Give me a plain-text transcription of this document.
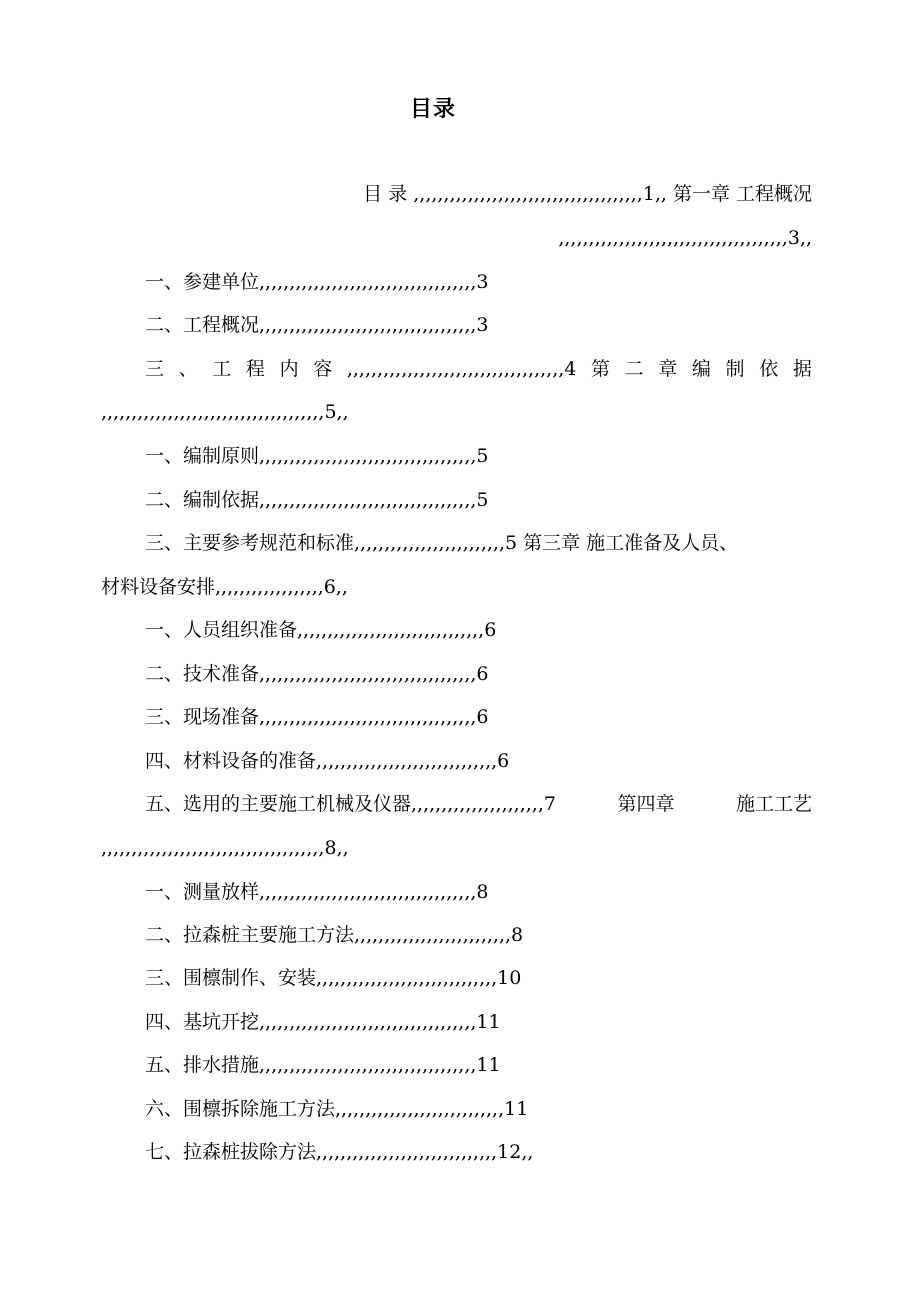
目录
目 录 ,,,,,,,,,,,,,,,,,,,,,,,,,,,,,,,,,,,,,,1,, 第一章 工程概况
,,,,,,,,,,,,,,,,,,,,,,,,,,,,,,,,,,,,,,3,,
一、参建单位,,,,,,,,,,,,,,,,,,,,,,,,,,,,,,,,,,,,3
二、工程概况,,,,,,,,,,,,,,,,,,,,,,,,,,,,,,,,,,,,3
三 、 工 程 内 容 ,,,,,,,,,,,,,,,,,,,,,,,,,,,,,,,,,,,,4 第 二 章 编 制 依 据
,,,,,,,,,,,,,,,,,,,,,,,,,,,,,,,,,,,,,5,,
一、编制原则,,,,,,,,,,,,,,,,,,,,,,,,,,,,,,,,,,,,5
二、编制依据,,,,,,,,,,,,,,,,,,,,,,,,,,,,,,,,,,,,5
三、主要参考规范和标准,,,,,,,,,,,,,,,,,,,,,,,,,5 第三章 施工准备及人员、
材料设备安排,,,,,,,,,,,,,,,,,,6,,
一、人员组织准备,,,,,,,,,,,,,,,,,,,,,,,,,,,,,,,6
二、技术准备,,,,,,,,,,,,,,,,,,,,,,,,,,,,,,,,,,,,6
三、现场准备,,,,,,,,,,,,,,,,,,,,,,,,,,,,,,,,,,,,6
四、材料设备的准备,,,,,,,,,,,,,,,,,,,,,,,,,,,,,,6
五、选用的主要施工机械及仪器,,,,,,,,,,,,,,,,,,,,,,7	第四章	施工工艺
,,,,,,,,,,,,,,,,,,,,,,,,,,,,,,,,,,,,,8,,
一、测量放样,,,,,,,,,,,,,,,,,,,,,,,,,,,,,,,,,,,,8
二、拉森桩主要施工方法,,,,,,,,,,,,,,,,,,,,,,,,,,8
三、围檩制作、安装,,,,,,,,,,,,,,,,,,,,,,,,,,,,,,10
四、基坑开挖,,,,,,,,,,,,,,,,,,,,,,,,,,,,,,,,,,,,11
五、排水措施,,,,,,,,,,,,,,,,,,,,,,,,,,,,,,,,,,,,11
六、围檩拆除施工方法,,,,,,,,,,,,,,,,,,,,,,,,,,,,11
七、拉森桩拔除方法,,,,,,,,,,,,,,,,,,,,,,,,,,,,,,12,,
